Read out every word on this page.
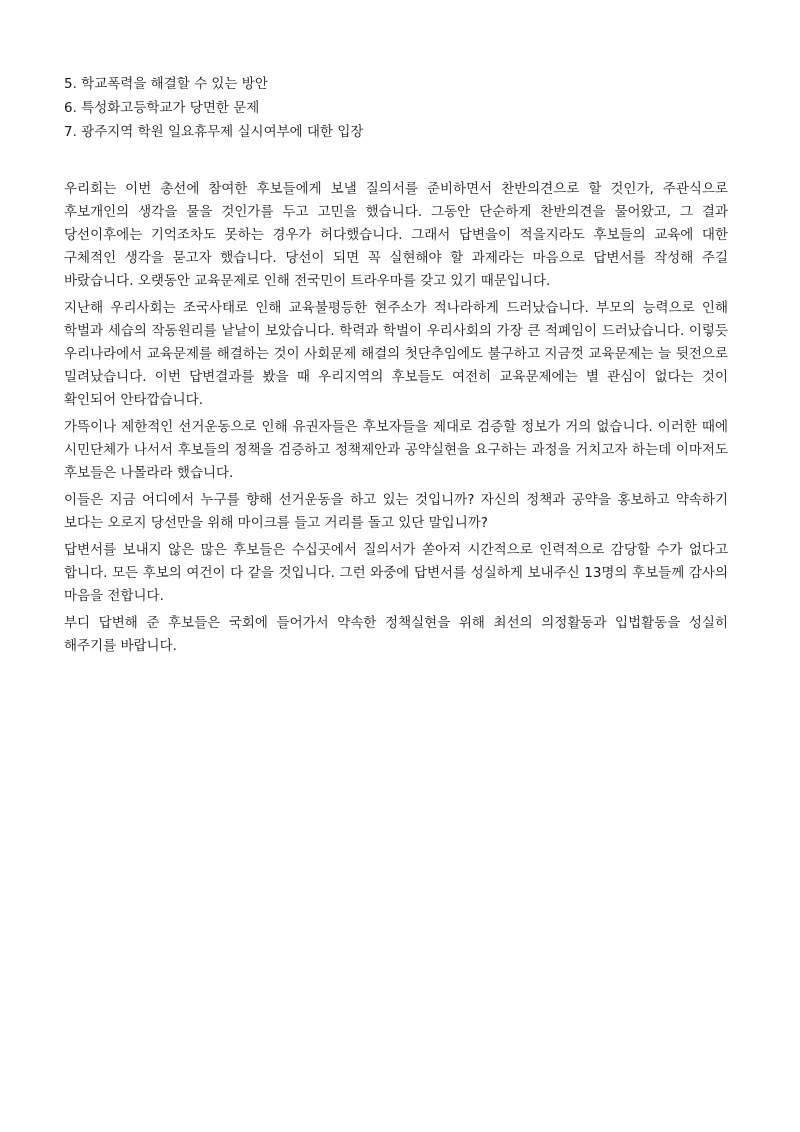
5. 학교폭력을 해결할 수 있는 방안
6. 특성화고등학교가 당면한 문제
7. 광주지역 학원 일요휴무제 실시여부에 대한 입장

우리회는 이번 총선에 참여한 후보들에게 보낼 질의서를 준비하면서 찬반의견으로 할 것인가, 주관식으로 후보개인의 생각을 물을 것인가를 두고 고민을 했습니다. 그동안 단순하게 찬반의견을 물어왔고, 그 결과 당선이후에는 기억조차도 못하는 경우가 허다했습니다. 그래서 답변을이 적을지라도 후보들의 교육에 대한 구체적인 생각을 묻고자 했습니다. 당선이 되면 꼭 실현해야 할 과제라는 마음으로 답변서를 작성해 주길 바랐습니다. 오랫동안 교육문제로 인해 전국민이 트라우마를 갖고 있기 때문입니다.

지난해 우리사회는 조국사태로 인해 교육불평등한 현주소가 적나라하게 드러났습니다. 부모의 능력으로 인해 학벌과 세습의 작동원리를 낱낱이 보았습니다. 학력과 학벌이 우리사회의 가장 큰 적폐임이 드러났습니다. 이렇듯 우리나라에서 교육문제를 해결하는 것이 사회문제 해결의 첫단추임에도 불구하고 지금껏 교육문제는 늘 뒷전으로 밀려났습니다. 이번 답변결과를 봤을 때 우리지역의 후보들도 여전히 교육문제에는 별 관심이 없다는 것이 확인되어 안타깝습니다.

가뜩이나 제한적인 선거운동으로 인해 유권자들은 후보자들을 제대로 검증할 정보가 거의 없습니다. 이러한 때에 시민단체가 나서서 후보들의 정책을 검증하고 정책제안과 공약실현을 요구하는 과정을 거치고자 하는데 이마저도 후보들은 나몰라라 했습니다.

이들은 지금 어디에서 누구를 향해 선거운동을 하고 있는 것입니까? 자신의 정책과 공약을 홍보하고 약속하기 보다는 오로지 당선만을 위해 마이크를 들고 거리를 돌고 있단 말입니까?

답변서를 보내지 않은 많은 후보들은 수십곳에서 질의서가 쏟아져 시간적으로 인력적으로 감당할 수가 없다고 합니다. 모든 후보의 여건이 다 같을 것입니다. 그런 와중에 답변서를 성실하게 보내주신 13명의 후보들께 감사의 마음을 전합니다.

부디 답변해 준 후보들은 국회에 들어가서 약속한 정책실현을 위해 최선의 의정활동과 입법활동을 성실히 해주기를 바랍니다.
